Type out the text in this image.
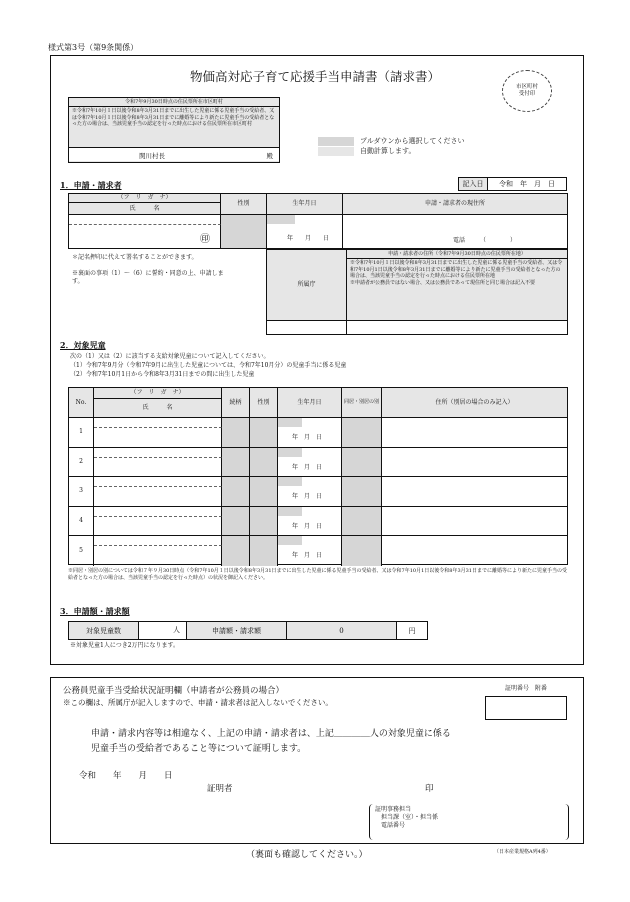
様式第3号（第9条関係）
物価高対応子育て応援手当申請書（請求書）
市区町村
受付印
令和7年9月30日時点の住民票所在市区町村
※令和7年10月１日以後令和8年3月31日までに出生した児童に係る児童手当の受給者、又は令和7年10月１日以後令和8年3月31日までに離婚等により新たに児童手当の受給者となった方の場合は、当該児童手当の認定を行った時点における住民票所在市区町村
関川村長	殿
プルダウンから選択してください
自動計算します。
1．申請・請求者	記入日	令和　年　月　日
（フ　リ　ガ　ナ）
氏　　　名
性別	生年月日	申請・請求者の現住所
㊞	年　　月　　日	電話　　　（　　　　）
＊記名押印に代えて署名することができます。
※裏面の事項（1）～（6）に誓約・同意の上、申請します。	所属庁
申請・請求者の住所（令和7年9月30日時点の住民票所在地）
※令和7年10月１日以後令和8年3月31日までに出生した児童に係る児童手当の受給者、又は令和7年10月1日以後令和8年3月31日までに離婚等により新たに児童手当の受給者となった方の場合は、当該児童手当の認定を行った時点における住民票所在地
※申請者が公務員ではない場合、又は公務員であって現住所と同じ場合は記入不要
2．対象児童
次の（1）又は（2）に該当する支給対象児童について記入してください。
（1）令和7年9月分（令和7年9月に出生した児童については、令和7年10月分）の児童手当に係る児童
（2）令和7年10月1日から令和8年3月31日までの間に出生した児童
No.
（フ　リ　ガ　ナ）
氏　　　名
続柄	性別	生年月日	同居・別居の別	住所（別居の場合のみ記入）
1
年　月　日
2
年　月　日
3
年　月　日
4
年　月　日
5
年　月　日
※同居・別居の別については令和７年９月30日時点（令和7年10月１日以後令和8年3月31日までに出生した児童に係る児童手当の受給者、又は令和7年10月1日以後令和8年3月31日までに離婚等により新たに児童手当の受給者となった方の場合は、当該児童手当の認定を行った時点）の状況を御記入ください。
3．申請額・請求額
対象児童数	人	申請額・請求額	0	円
※対象児童1人につき2万円になります。
公務員児童手当受給状況証明欄（申請者が公務員の場合）	証明番号　附番
※この欄は、所属庁が記入しますので、申請・請求者は記入しないでください。
申請・請求内容等は相違なく、上記の申請・請求者は、上記＿＿＿＿人の対象児童に係る
児童手当の受給者であること等について証明します。
令和　　年　　月　　日
証明者	印
証明事務担当
担当課（室）・担当係
電話番号
（裏面も確認してください。）	（日本産業規格A列4番）
